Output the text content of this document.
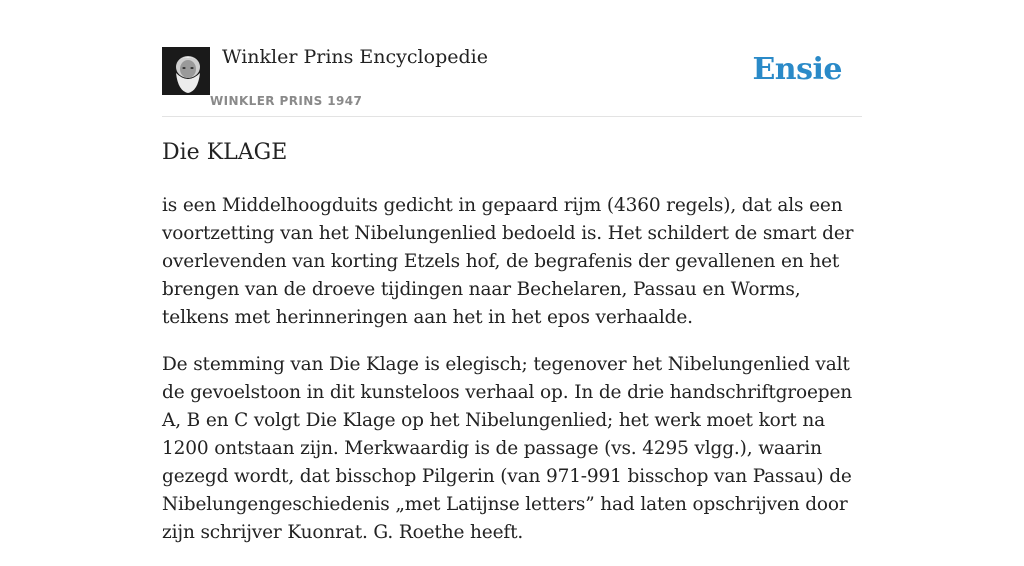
Winkler Prins Encyclopedie
WINKLER PRINS 1947
Ensie
Die KLAGE

is een Middelhoogduits gedicht in gepaard rijm (4360 regels), dat als een voortzetting van het Nibelungenlied bedoeld is. Het schildert de smart der overlevenden van korting Etzels hof, de begrafenis der gevallenen en het brengen van de droeve tijdingen naar Bechelaren, Passau en Worms, telkens met herinneringen aan het in het epos verhaalde.

De stemming van Die Klage is elegisch; tegenover het Nibelungenlied valt de gevoelstoon in dit kunsteloos verhaal op. In de drie handschriftgroepen A, B en C volgt Die Klage op het Nibelungenlied; het werk moet kort na 1200 ontstaan zijn. Merkwaardig is de passage (vs. 4295 vlgg.), waarin gezegd wordt, dat bisschop Pilgerin (van 971-991 bisschop van Passau) de Nibelungengeschiedenis „met Latijnse letters” had laten opschrijven door zijn schrijver Kuonrat. G. Roethe heeft.
